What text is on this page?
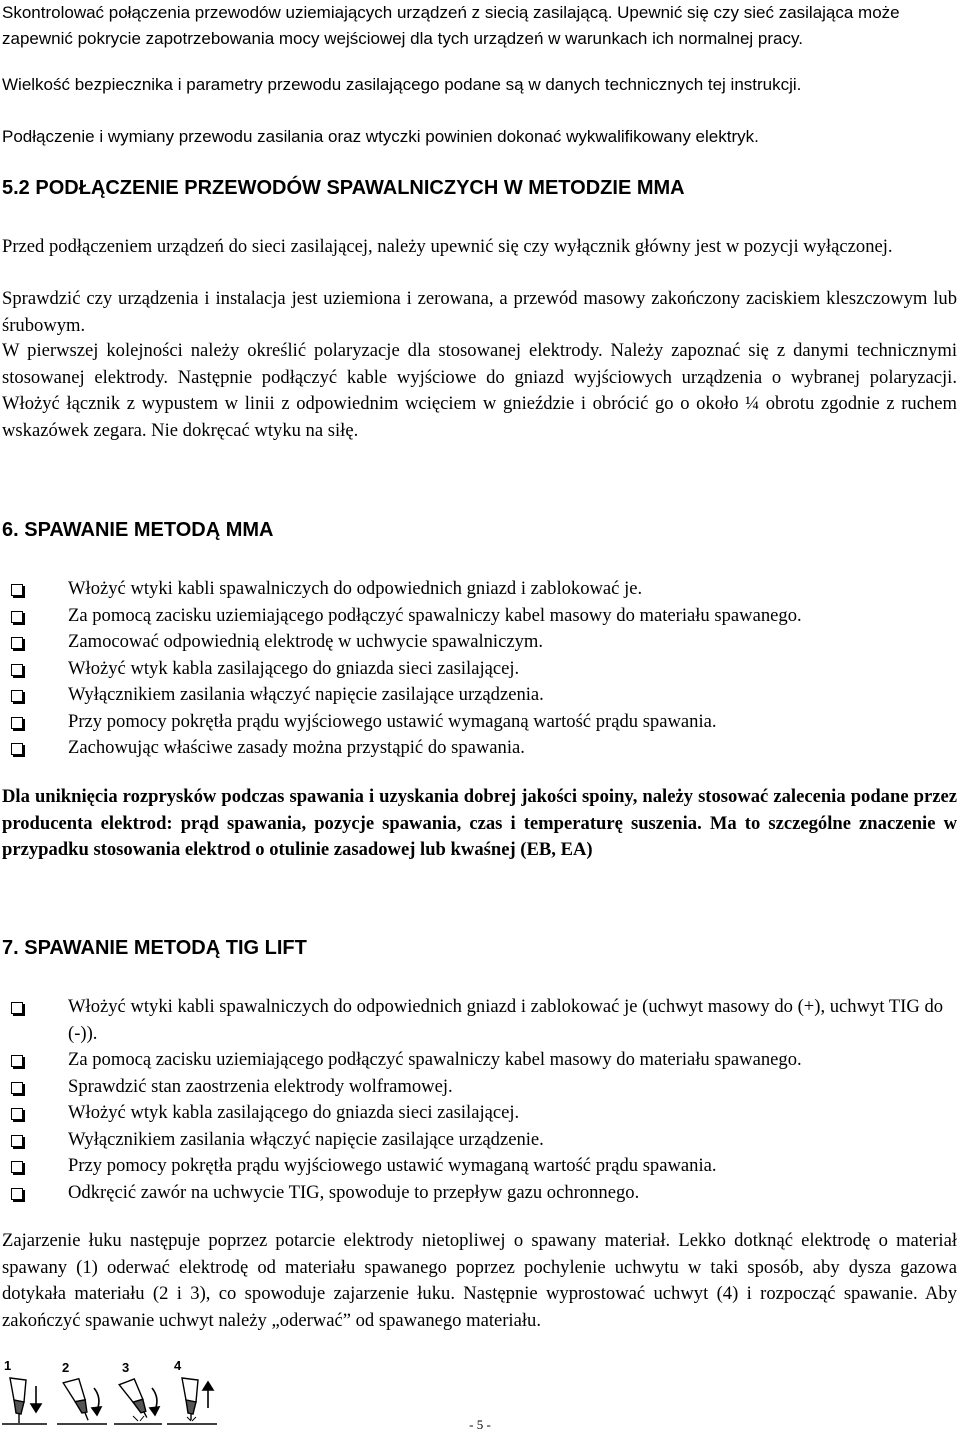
Skontrolować połączenia przewodów uziemiających urządzeń z siecią zasilającą. Upewnić się czy sieć zasilająca może zapewnić pokrycie zapotrzebowania mocy wejściowej dla tych urządzeń w warunkach ich normalnej pracy.

Wielkość bezpiecznika i parametry przewodu zasilającego podane są w danych technicznych tej instrukcji.

Podłączenie i wymiany przewodu zasilania oraz wtyczki powinien dokonać wykwalifikowany elektryk.

5.2 PODŁĄCZENIE PRZEWODÓW SPAWALNICZYCH W METODZIE MMA

Przed podłączeniem urządzeń do sieci zasilającej, należy upewnić się czy wyłącznik główny jest w pozycji wyłączonej.

Sprawdzić czy urządzenia i instalacja jest uziemiona i zerowana, a przewód masowy zakończony zaciskiem kleszczowym lub śrubowym.

W pierwszej kolejności należy określić polaryzacje dla stosowanej elektrody. Należy zapoznać się z danymi technicznymi stosowanej elektrody. Następnie podłączyć kable wyjściowe do gniazd wyjściowych urządzenia o wybranej polaryzacji. Włożyć łącznik z wypustem w linii z odpowiednim wcięciem w gnieździe i obrócić go o około ¼ obrotu zgodnie z ruchem wskazówek zegara. Nie dokręcać wtyku na siłę.

6. SPAWANIE METODĄ MMA
Włożyć wtyki kabli spawalniczych do odpowiednich gniazd i zablokować je.
Za pomocą zacisku uziemiającego podłączyć spawalniczy kabel masowy do materiału spawanego.
Zamocować odpowiednią elektrodę w uchwycie spawalniczym.
Włożyć wtyk kabla zasilającego do gniazda sieci zasilającej.
Wyłącznikiem zasilania włączyć napięcie zasilające urządzenia.
Przy pomocy pokrętła prądu wyjściowego ustawić wymaganą wartość prądu spawania.
Zachowując właściwe zasady można przystąpić do spawania.

Dla uniknięcia rozprysków podczas spawania i uzyskania dobrej jakości spoiny, należy stosować zalecenia podane przez producenta elektrod: prąd spawania, pozycje spawania, czas i temperaturę suszenia. Ma to szczególne znaczenie w przypadku stosowania elektrod o otulinie zasadowej lub kwaśnej (EB, EA)

7. SPAWANIE METODĄ TIG LIFT
Włożyć wtyki kabli spawalniczych do odpowiednich gniazd i zablokować je (uchwyt masowy do (+), uchwyt TIG do (-)).
Za pomocą zacisku uziemiającego podłączyć spawalniczy kabel masowy do materiału spawanego.
Sprawdzić stan zaostrzenia elektrody wolframowej.
Włożyć wtyk kabla zasilającego do gniazda sieci zasilającej.
Wyłącznikiem zasilania włączyć napięcie zasilające urządzenie.
Przy pomocy pokrętła prądu wyjściowego ustawić wymaganą wartość prądu spawania.
Odkręcić zawór na uchwycie TIG, spowoduje to przepływ gazu ochronnego.

Zajarzenie łuku następuje poprzez potarcie elektrody nietopliwej o spawany materiał. Lekko dotknąć elektrodę o materiał spawany (1) oderwać elektrodę od materiału spawanego poprzez pochylenie uchwytu w taki sposób, aby dysza gazowa dotykała materiału (2 i 3), co spowoduje zajarzenie łuku. Następnie wyprostować uchwyt (4) i rozpocząć spawanie. Aby zakończyć spawanie uchwyt należy „oderwać” od spawanego materiału.

1	2	3	4
- 5 -
